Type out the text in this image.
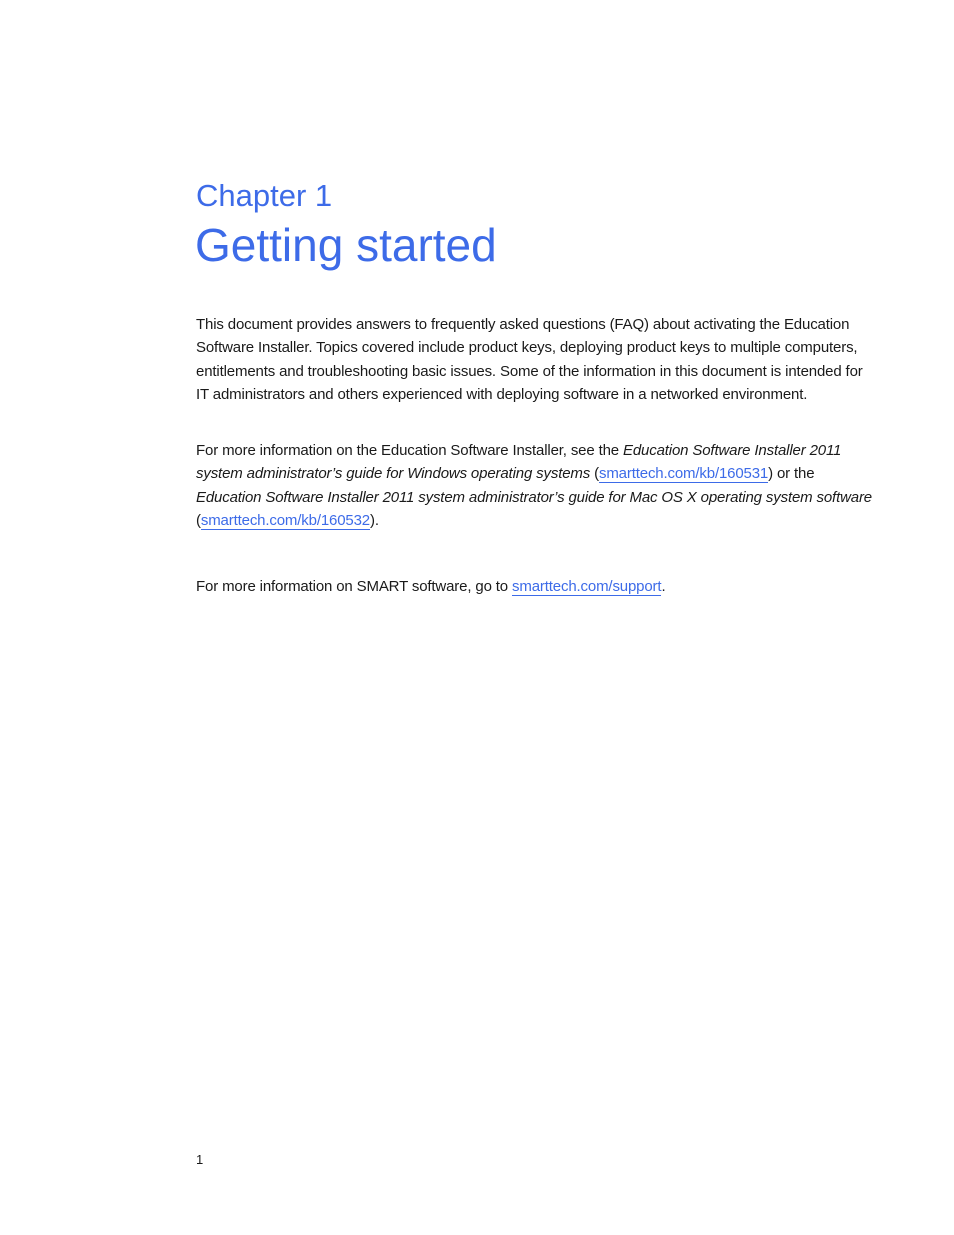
Chapter 1
Getting started

This document provides answers to frequently asked questions (FAQ) about activating the Education Software Installer. Topics covered include product keys, deploying product keys to multiple computers, entitlements and troubleshooting basic issues. Some of the information in this document is intended for IT administrators and others experienced with deploying software in a networked environment.

For more information on the Education Software Installer, see the Education Software Installer 2011 system administrator’s guide for Windows operating systems (smarttech.com/kb/160531) or the Education Software Installer 2011 system administrator’s guide for Mac OS X operating system software (smarttech.com/kb/160532).

For more information on SMART software, go to smarttech.com/support.

1
